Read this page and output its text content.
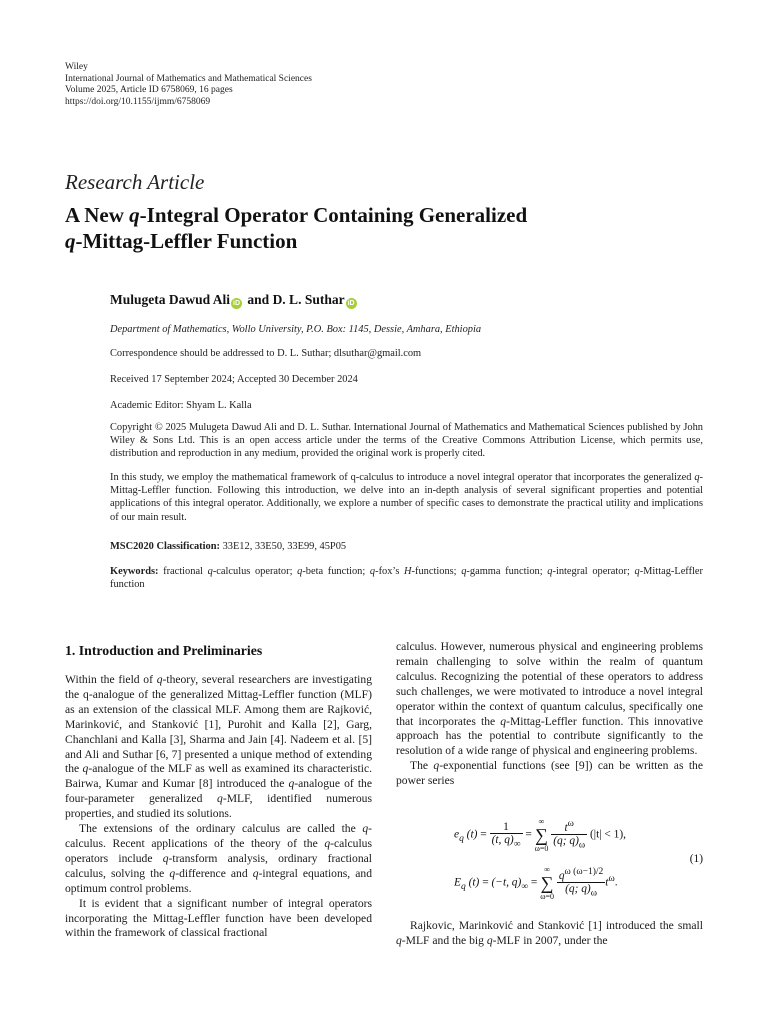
Wiley
International Journal of Mathematics and Mathematical Sciences
Volume 2025, Article ID 6758069, 16 pages
https://doi.org/10.1155/ijmm/6758069
Research Article
A New q-Integral Operator Containing Generalized
q-Mittag-Leffler Function
Mulugeta Dawud Ali iD and D. L. Suthar iD
Department of Mathematics, Wollo University, P.O. Box: 1145, Dessie, Amhara, Ethiopia
Correspondence should be addressed to D. L. Suthar; dlsuthar@gmail.com
Received 17 September 2024; Accepted 30 December 2024
Academic Editor: Shyam L. Kalla
Copyright © 2025 Mulugeta Dawud Ali and D. L. Suthar. International Journal of Mathematics and Mathematical Sciences published by John Wiley & Sons Ltd. This is an open access article under the terms of the Creative Commons Attribution License, which permits use, distribution and reproduction in any medium, provided the original work is properly cited.
In this study, we employ the mathematical framework of q-calculus to introduce a novel integral operator that incorporates the generalized q-Mittag-Leffler function. Following this introduction, we delve into an in-depth analysis of several significant properties and potential applications of this integral operator. Additionally, we explore a number of specific cases to demonstrate the practical utility and implications of our main result.
MSC2020 Classification: 33E12, 33E50, 33E99, 45P05
Keywords: fractional q-calculus operator; q-beta function; q-fox’s H-functions; q-gamma function; q-integral operator; q-Mittag-Leffler function
1. Introduction and Preliminaries

Within the field of q-theory, several researchers are investigating the q-analogue of the generalized Mittag-Leffler function (MLF) as an extension of the classical MLF. Among them are Rajković, Marinković, and Stanković [1], Purohit and Kalla [2], Garg, Chanchlani and Kalla [3], Sharma and Jain [4]. Nadeem et al. [5] and Ali and Suthar [6, 7] presented a unique method of extending the q-analogue of the MLF as well as examined its characteristic. Bairwa, Kumar and Kumar [8] introduced the q-analogue of the four-parameter generalized q-MLF, identified numerous properties, and studied its solutions.

The extensions of the ordinary calculus are called the q-calculus. Recent applications of the theory of the q-calculus operators include q-transform analysis, ordinary fractional calculus, solving the q-difference and q-integral equations, and optimum control problems.

It is evident that a significant number of integral operators incorporating the Mittag-Leffler function have been developed within the framework of classical fractional

calculus. However, numerous physical and engineering problems remain challenging to solve within the realm of quantum calculus. Recognizing the potential of these operators to address such challenges, we were motivated to introduce a novel integral operator within the context of quantum calculus, specifically one that incorporates the q-Mittag-Leffler function. This innovative approach has the potential to contribute significantly to the resolution of a wide range of physical and engineering problems.

The q-exponential functions (see [9]) can be written as the power series

$e_q$ $(t) = \frac{1}{(t, q)_\infty}$ = ∞
∑
$\omega=0 \frac{t^\omega}{(q; q)_\omega} (|t| < 1)$,
(1)
$E_q$ (t) = (−t, $q)_\infty$ = ∞
∑
$\omega=0 \frac{q^{\omega (\omega-1)/2}}{(q; q)_\omega} t^\omega$.

Rajkovic, Marinković and Stanković [1] introduced the small q-MLF and the big q-MLF in 2007, under the
